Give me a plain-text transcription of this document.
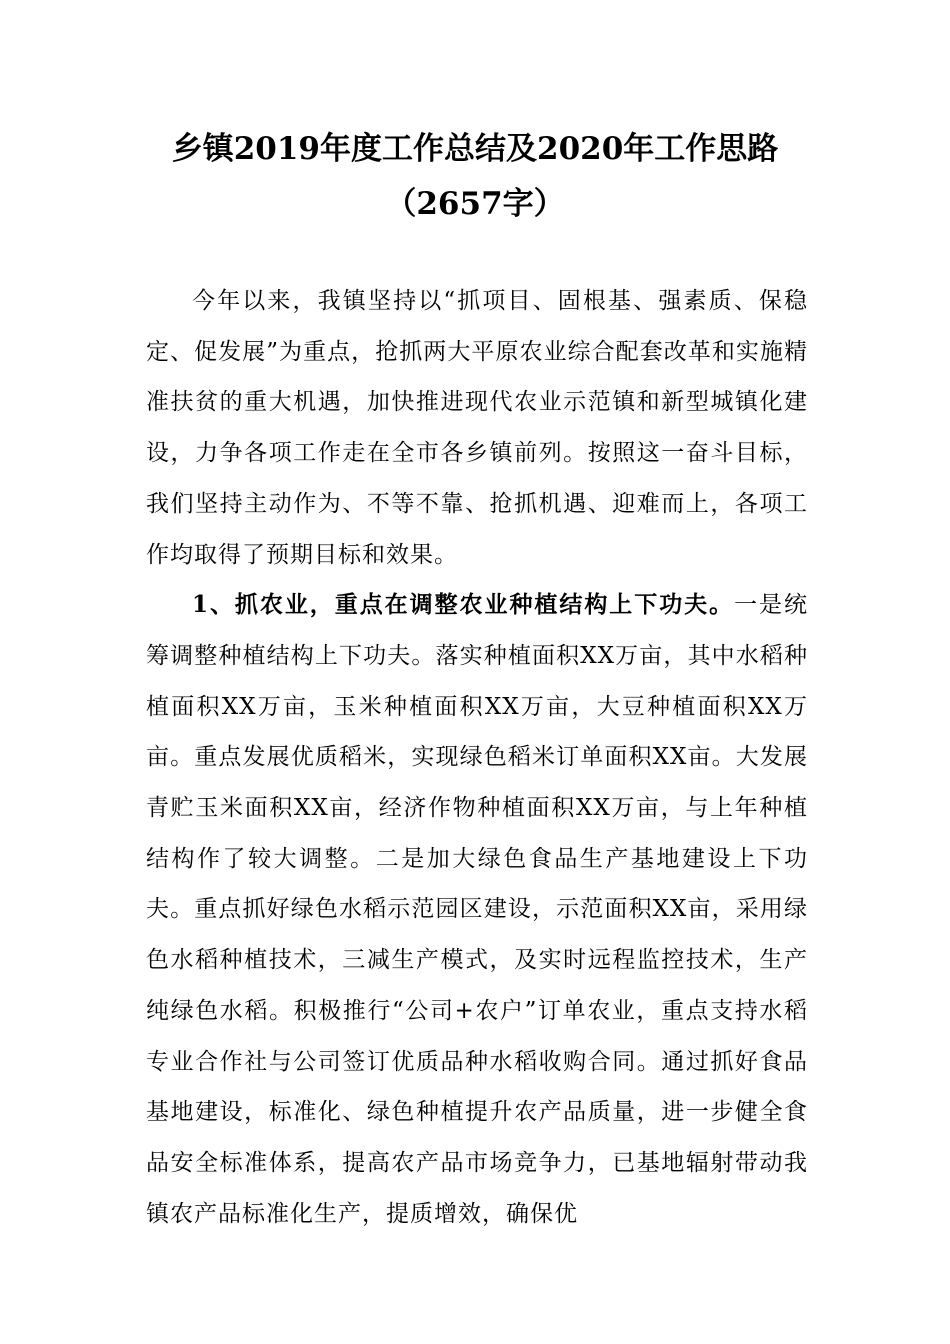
乡镇2019年度工作总结及2020年工作思路
（2657字）

今年以来，我镇坚持以“抓项目、固根基、强素质、保稳定、促发展”为重点，抢抓两大平原农业综合配套改革和实施精准扶贫的重大机遇，加快推进现代农业示范镇和新型城镇化建设，力争各项工作走在全市各乡镇前列。按照这一奋斗目标，我们坚持主动作为、不等不靠、抢抓机遇、迎难而上，各项工作均取得了预期目标和效果。

1、抓农业，重点在调整农业种植结构上下功夫。一是统筹调整种植结构上下功夫。落实种植面积XX万亩，其中水稻种植面积XX万亩，玉米种植面积XX万亩，大豆种植面积XX万亩。重点发展优质稻米，实现绿色稻米订单面积XX亩。大发展青贮玉米面积XX亩，经济作物种植面积XX万亩，与上年种植结构作了较大调整。二是加大绿色食品生产基地建设上下功夫。重点抓好绿色水稻示范园区建设，示范面积XX亩，采用绿色水稻种植技术，三减生产模式，及实时远程监控技术，生产纯绿色水稻。积极推行“公司+农户”订单农业，重点支持水稻专业合作社与公司签订优质品种水稻收购合同。通过抓好食品基地建设，标准化、绿色种植提升农产品质量，进一步健全食品安全标准体系，提高农产品市场竞争力，已基地辐射带动我镇农产品标准化生产，提质增效，确保优
